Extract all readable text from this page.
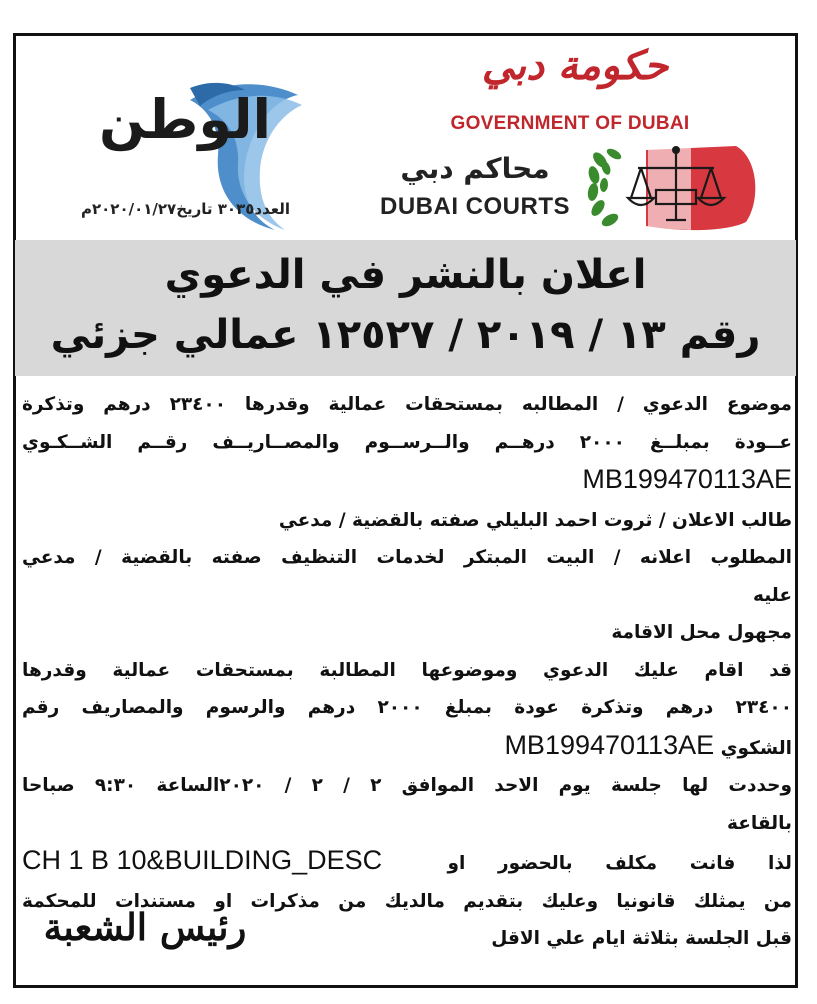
الوطن
العدد٣٠٣٥ تاريخ٢٠٢٠/٠١/٢٧م
حكومة دبي
GOVERNMENT OF DUBAI
محاكم دبي
DUBAI COURTS
اعلان بالنشر في الدعوي
رقم ١٣ / ٢٠١٩ / ١٢٥٢٧ عمالي جزئي

موضوع الدعوي / المطالبه بمستحقات عمالية وقدرها ٢٣٤٠٠ درهم وتذكرة

عــودة بمبلــغ ٢٠٠٠ درهــم والــرســوم والمصــاريــف رقــم الشــكـوي

MB199470113AE

طالب الاعلان / ثروت احمد البليلي صفته بالقضية / مدعي

المطلوب اعلانه / البيت المبتكر لخدمات التنظيف صفته بالقضية / مدعي

عليه

مجهول محل الاقامة

قد اقام عليك الدعوي وموضوعها المطالبة بمستحقات عمالية وقدرها

٢٣٤٠٠ درهم وتذكرة عودة بمبلغ ٢٠٠٠ درهم والرسوم والمصاريف رقم

الشكوي MB199470113AE

وحددت لها جلسة يوم الاحد الموافق ٢ / ٢ / ٢٠٢٠الساعة ٩:٣٠ صباحا

بالقاعة

لذا فانت مكلف بالحضور او  CH 1 B 10&BUILDING_DESC

من يمثلك قانونيا وعليك بتقديم مالديك من مذكرات او مستندات للمحكمة

قبل الجلسة بثلاثة ايام علي الاقل

رئيس الشعبة
